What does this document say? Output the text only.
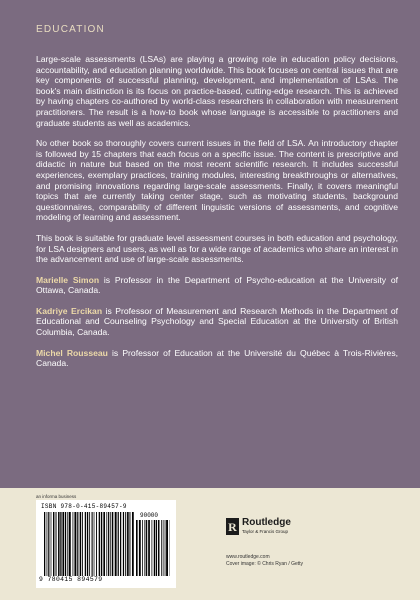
EDUCATION

Large-scale assessments (LSAs) are playing a growing role in education policy decisions, accountability, and education planning worldwide. This book focuses on central issues that are key components of successful planning, development, and implementation of LSAs. The book's main distinction is its focus on practice-based, cutting-edge research. This is achieved by having chapters co-authored by world-class researchers in collaboration with measurement practitioners. The result is a how-to book whose language is accessible to practitioners and graduate students as well as academics.

No other book so thoroughly covers current issues in the field of LSA. An introductory chapter is followed by 15 chapters that each focus on a specific issue. The content is prescriptive and didactic in nature but based on the most recent scientific research. It includes successful experiences, exemplary practices, training modules, interesting breakthroughs or alternatives, and promising innovations regarding large-scale assessments. Finally, it covers meaningful topics that are currently taking center stage, such as motivating students, background questionnaires, comparability of different linguistic versions of assessments, and cognitive modeling of learning and assessment.

This book is suitable for graduate level assessment courses in both education and psychology, for LSA designers and users, as well as for a wide range of academics who share an interest in the advancement and use of large-scale assessments.

Marielle Simon is Professor in the Department of Psycho-education at the University of Ottawa, Canada.

Kadriye Ercikan is Professor of Measurement and Research Methods in the Department of Educational and Counseling Psychology and Special Education at the University of British Columbia, Canada.

Michel Rousseau is Professor of Education at the Université du Québec à Trois-Rivières, Canada.

an informa business
ISBN 978-0-415-89457-9
90000
9 780415 894579
R Routledge
Taylor & Francis Group
www.routledge.com
Cover image: © Chris Ryan / Getty
